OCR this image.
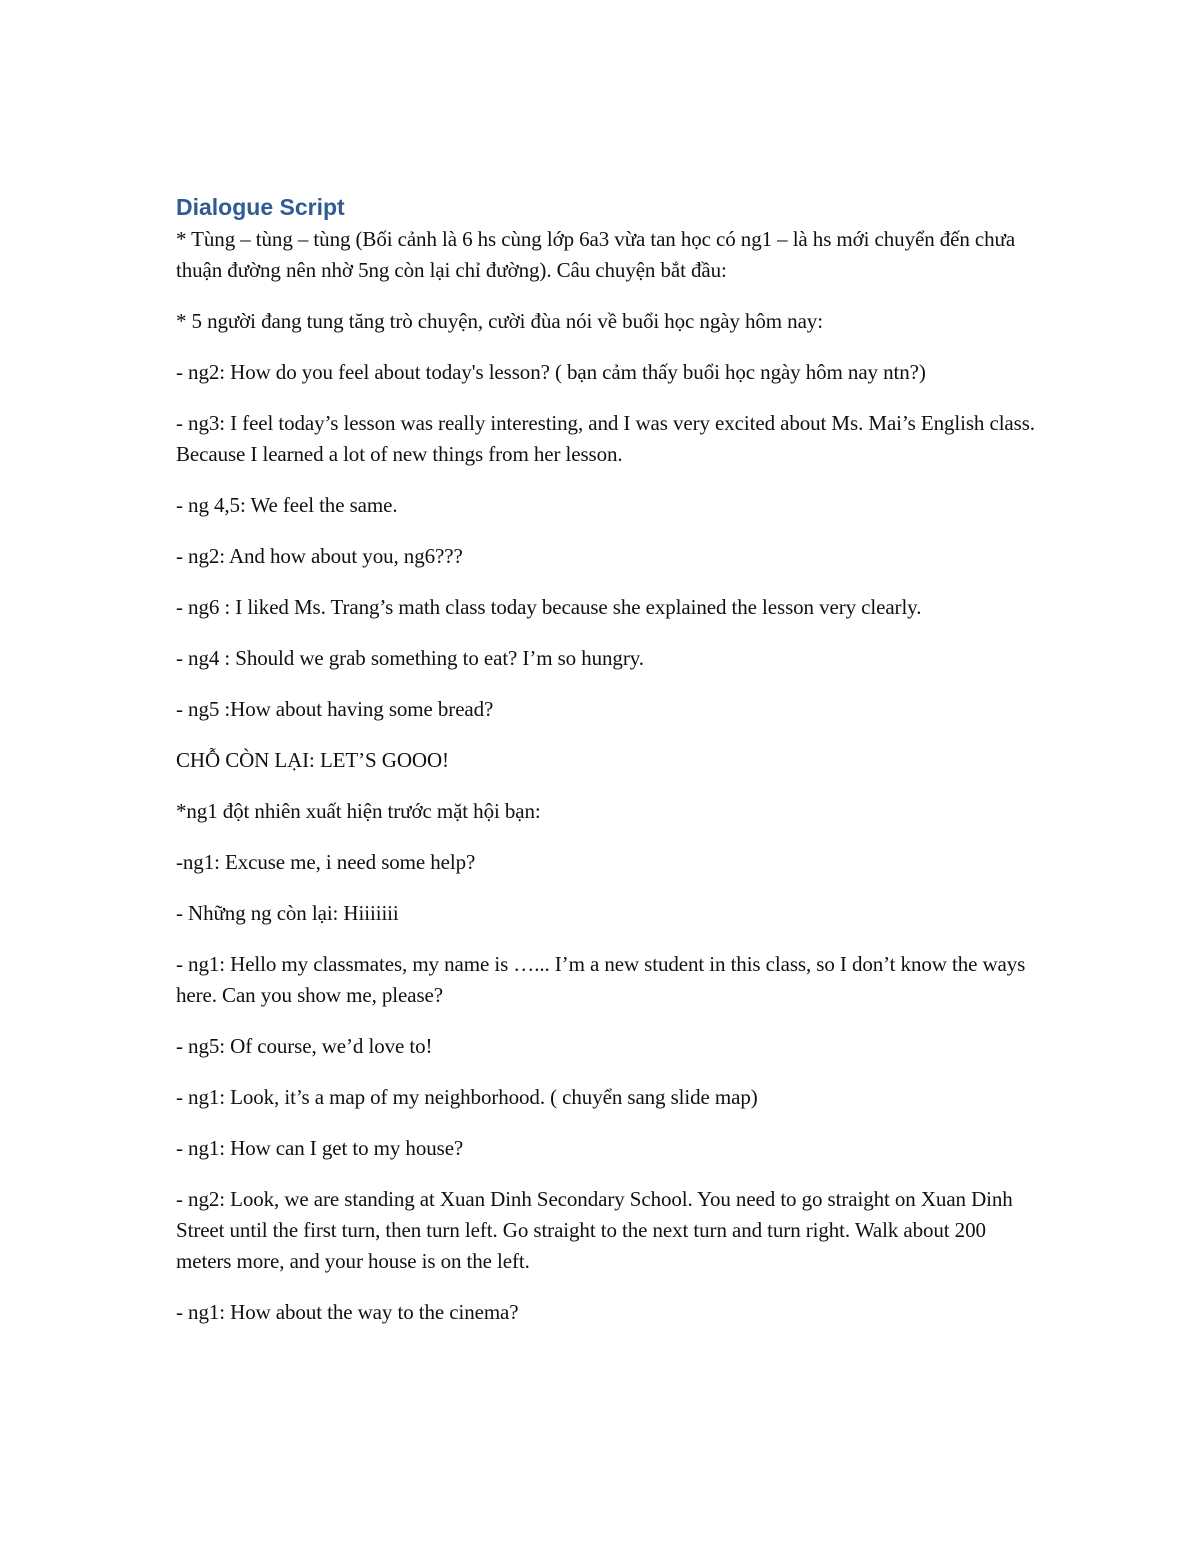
Dialogue Script

* Tùng – tùng – tùng (Bối cảnh là 6 hs cùng lớp 6a3 vừa tan học có ng1 – là hs mới chuyển đến chưa thuận đường nên nhờ 5ng còn lại chỉ đường). Câu chuyện bắt đầu:

* 5 người đang tung tăng trò chuyện, cười đùa nói về buổi học ngày hôm nay:

- ng2: How do you feel about today's lesson? ( bạn cảm thấy buổi học ngày hôm nay ntn?)

- ng3: I feel today’s lesson was really interesting, and I was very excited about Ms. Mai’s English class. Because I learned a lot of new things from her lesson.

- ng 4,5: We feel the same.

- ng2: And how about you, ng6???

- ng6 : I liked Ms. Trang’s math class today because she explained the lesson very clearly.

- ng4 : Should we grab something to eat? I’m so hungry.

- ng5 :How about having some bread?

CHỖ CÒN LẠI: LET’S GOOO!

*ng1 đột nhiên xuất hiện trước mặt hội bạn:

-ng1: Excuse me, i need some help?

- Những ng còn lại: Hiiiiiii

- ng1: Hello my classmates, my name is …... I’m a new student in this class, so I don’t know the ways here. Can you show me, please?

- ng5: Of course, we’d love to!

- ng1: Look, it’s a map of my neighborhood. ( chuyển sang slide map)

- ng1: How can I get to my house?

- ng2: Look, we are standing at Xuan Dinh Secondary School. You need to go straight on Xuan Dinh Street until the first turn, then turn left. Go straight to the next turn and turn right. Walk about 200 meters more, and your house is on the left.

- ng1: How about the way to the cinema?
